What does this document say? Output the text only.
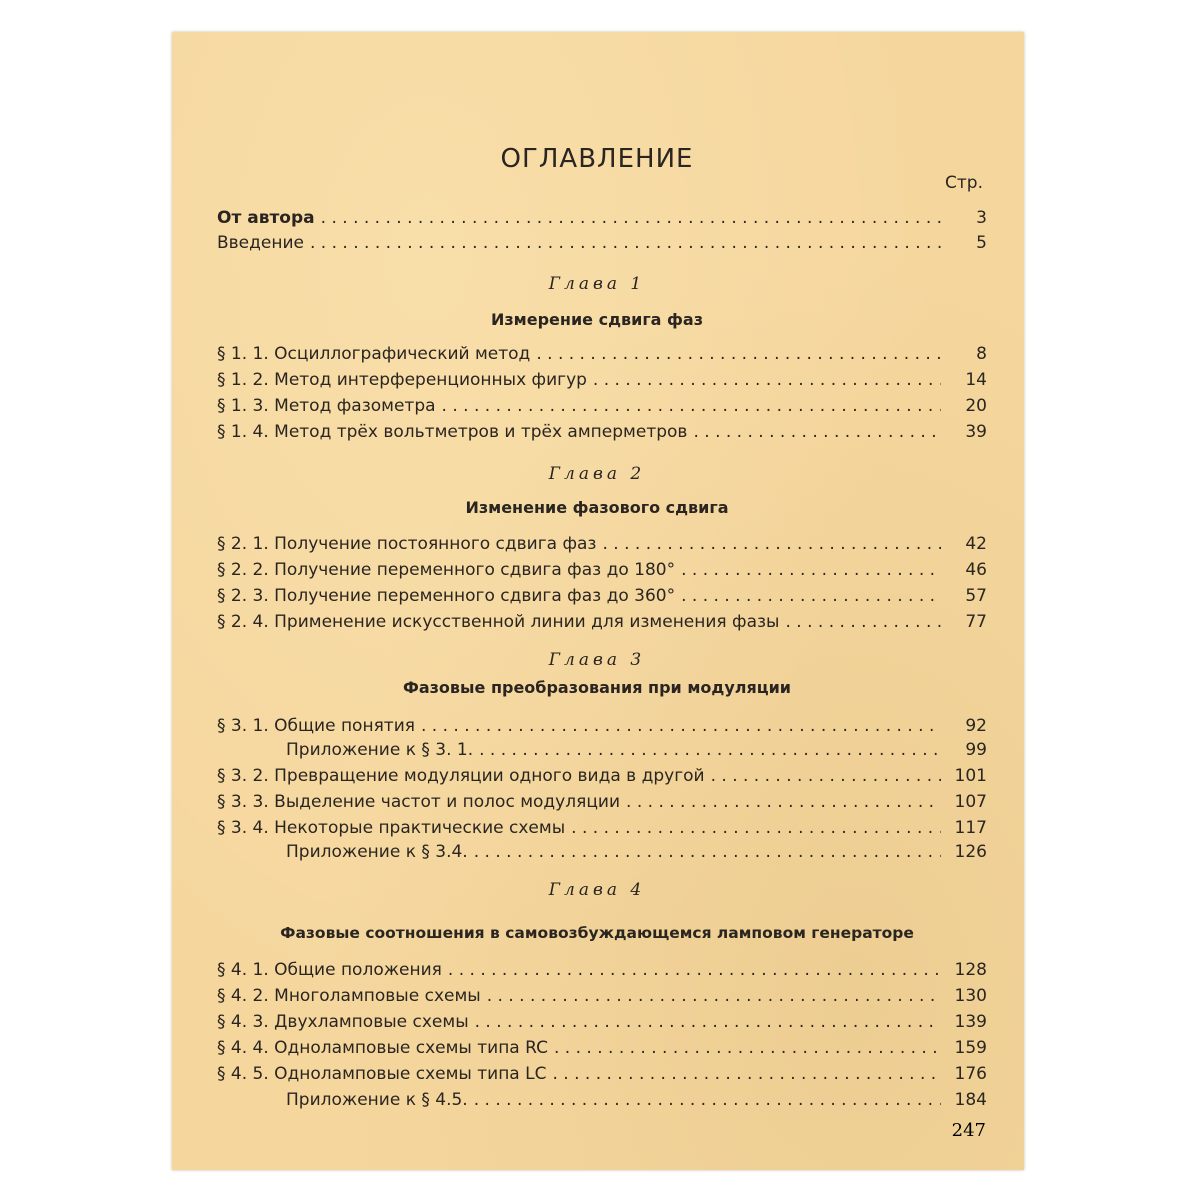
ОГЛАВЛЕНИЕ
Стр.
От автора . . .	3
Введение . . .	5
Глава 1
Измерение сдвига фаз
§ 1. 1. Осциллографический метод . . .	8
§ 1. 2. Метод интерференционных фигур . . .	14
§ 1. 3. Метод фазометра . . .	20
§ 1. 4. Метод трёх вольтметров и трёх амперметров . . .	39
Глава 2
Изменение фазового сдвига
§ 2. 1. Получение постоянного сдвига фаз . . .	42
§ 2. 2. Получение переменного сдвига фаз до 180° . . .	46
§ 2. 3. Получение переменного сдвига фаз до 360° . . .	57
§ 2. 4. Применение искусственной линии для изменения фазы . . .	77
Глава 3
Фазовые преобразования при модуляции
§ 3. 1. Общие понятия . . .	92
Приложение к § 3. 1. . . .	99
§ 3. 2. Превращение модуляции одного вида в другой . . .	101
§ 3. 3. Выделение частот и полос модуляции . . .	107
§ 3. 4. Некоторые практические схемы . . .	117
Приложение к § 3.4. . . .	126
Глава 4
Фазовые соотношения в самовозбуждающемся ламповом генераторе
§ 4. 1. Общие положения . . .	128
§ 4. 2. Многоламповые схемы . . .	130
§ 4. 3. Двухламповые схемы . . .	139
§ 4. 4. Одноламповые схемы типа RC . . .	159
§ 4. 5. Одноламповые схемы типа LC . . .	176
Приложение к § 4.5. . . .	184
247
